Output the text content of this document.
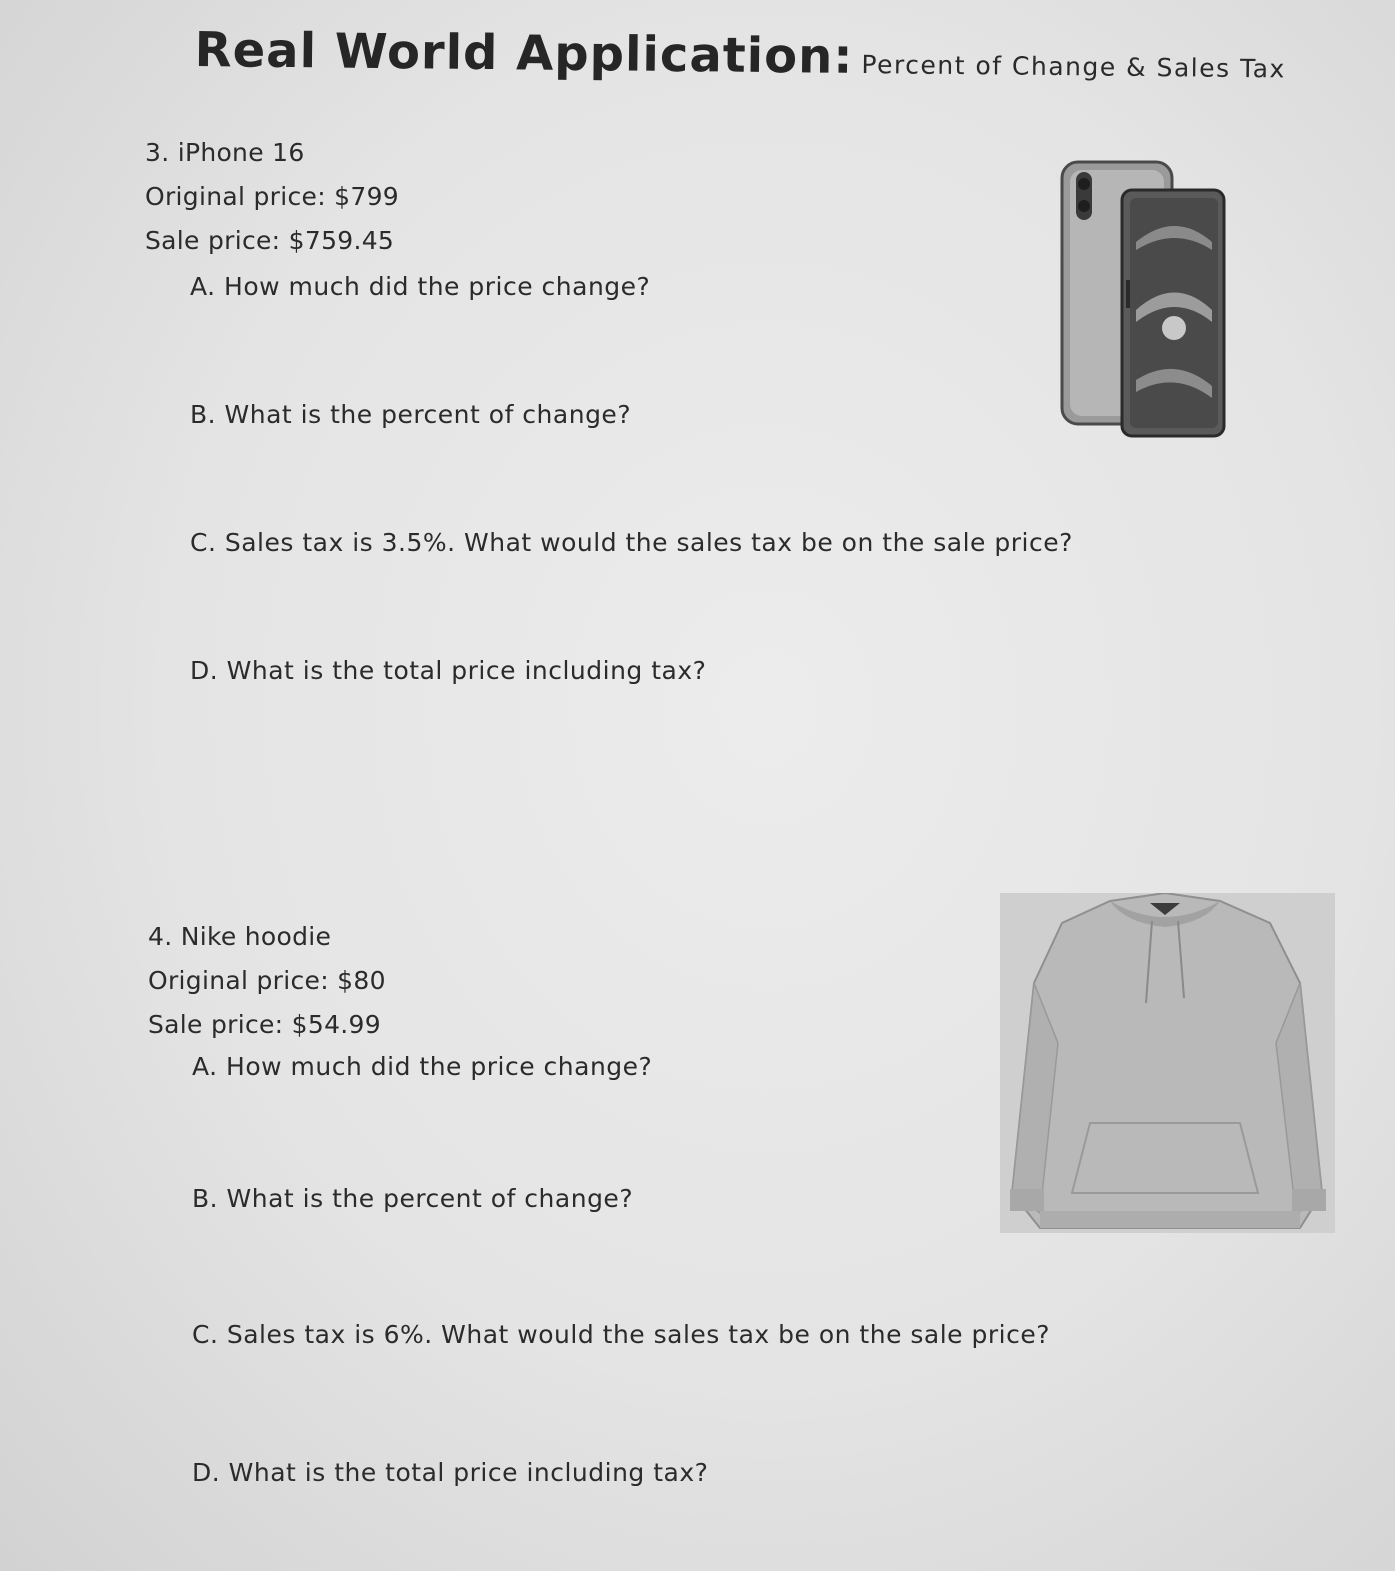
Real World Application: Percent of Change & Sales Tax
3. iPhone 16
Original price: $799
Sale price: $759.45
A. How much did the price change?
B. What is the percent of change?
C. Sales tax is 3.5%. What would the sales tax be on the sale price?
D. What is the total price including tax?
4. Nike hoodie
Original price: $80
Sale price: $54.99
A. How much did the price change?
B. What is the percent of change?
C. Sales tax is 6%. What would the sales tax be on the sale price?
D. What is the total price including tax?
